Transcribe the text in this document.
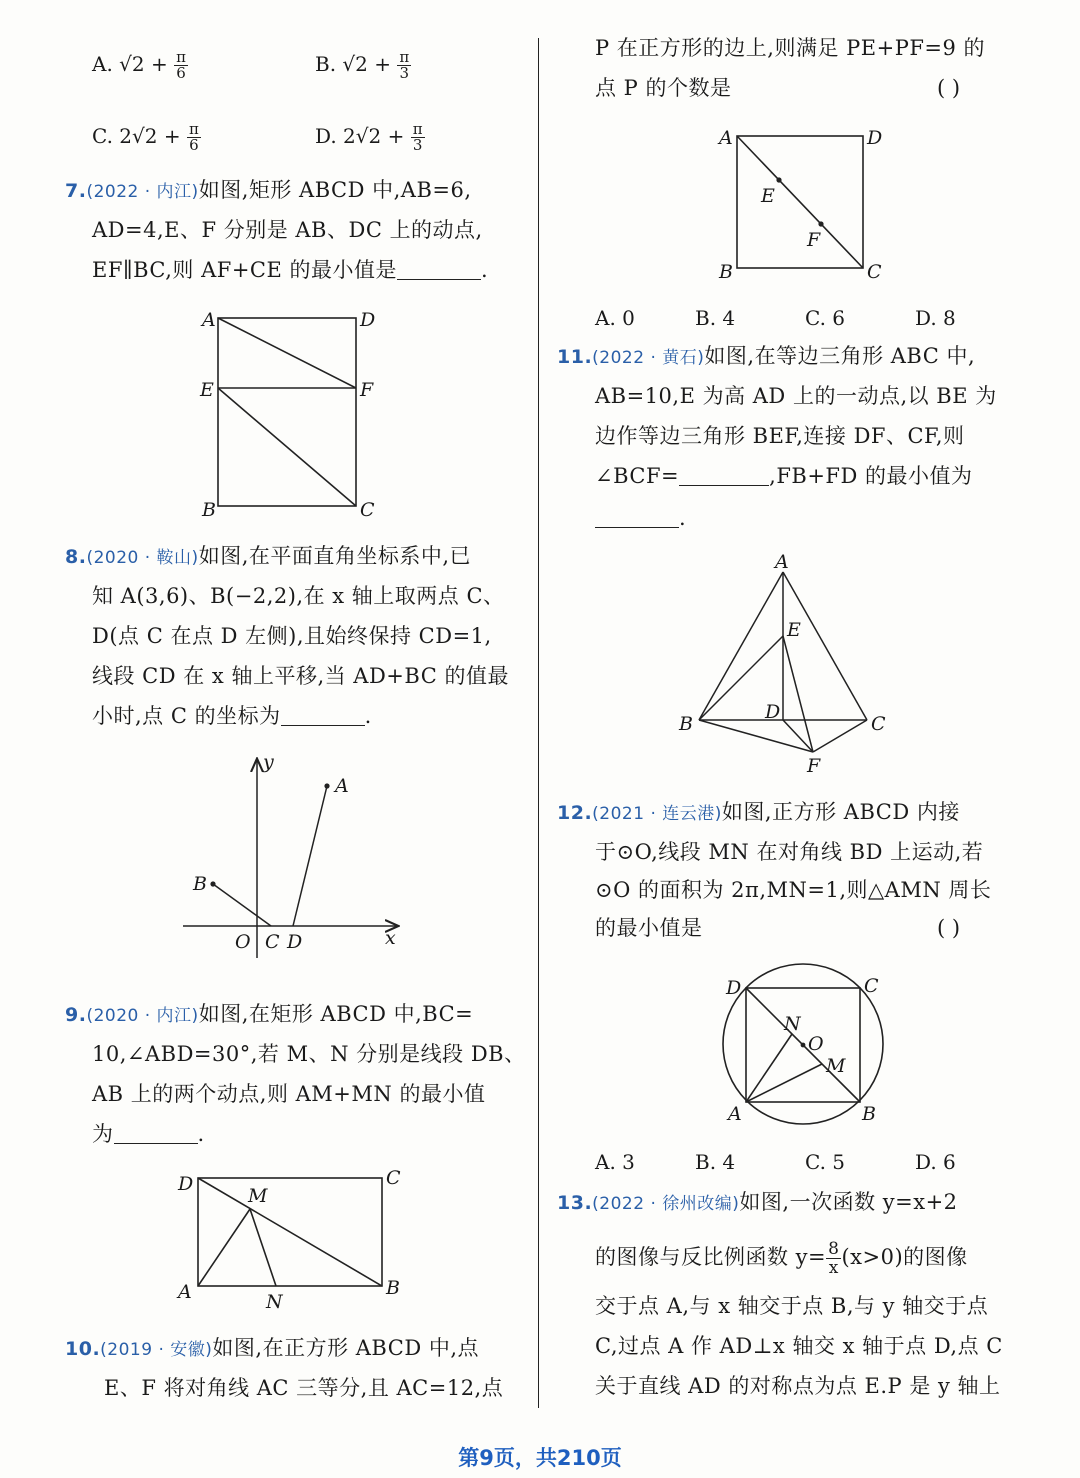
A. $√2 + \frac{\pi}{6}$	B. $√2 + \frac{\pi}{3}$
C. $2√2 + \frac{\pi}{6}$	D. $2√2 + \frac{\pi}{3}$
7.(2022 · 内江)如图,矩形 ABCD 中,AB=6,
AD=4,E、F 分别是 AB、DC 上的动点,
EF∥BC,则 AF+CE 的最小值是	.
A	D
E	F
B	C
8.(2020 · 鞍山)如图,在平面直角坐标系中,已
知 A(3,6)、B(−2,2),在 x 轴上取两点 C、
D(点 C 在点 D 左侧),且始终保持 CD=1,
线段 CD 在 x 轴上平移,当 AD+BC 的值最
小时,点 C 的坐标为	.
y
A
B
O C D	x
9.(2020 · 内江)如图,在矩形 ABCD 中,BC=
10,∠ABD=30°,若 M、N 分别是线段 DB、
AB 上的两个动点,则 AM+MN 的最小值
为	.
D
M
C
A	N
B
10.(2019 · 安徽)如图,在正方形 ABCD 中,点
E、F 将对角线 AC 三等分,且 AC=12,点
P 在正方形的边上,则满足 PE+PF=9 的
点 P 的个数是	( )
A	D
E
F
B	C
A. 0	B. 4	C. 6	D. 8
11.(2022 · 黄石)如图,在等边三角形 ABC 中,
AB=10,E 为高 AD 上的一动点,以 BE 为
边作等边三角形 BEF,连接 DF、CF,则
∠BCF=	,FB+FD 的最小值为
.
A
E
D
B	C
F
12.(2021 · 连云港)如图,正方形 ABCD 内接
于⊙O,线段 MN 在对角线 BD 上运动,若
⊙O 的面积为 2π,MN=1,则△AMN 周长
的最小值是	( )
D	C
N
O
M
A	B
A. 3	B. 4	C. 5	D. 6
13.(2022 · 徐州改编)如图,一次函数 y=x+2
的图像与反比例函数 $y= \frac{8}{x} (x>0)$的图像
交于点 A,与 x 轴交于点 B,与 y 轴交于点
C,过点 A 作 AD⊥x 轴交 x 轴于点 D,点 C
关于直线 AD 的对称点为点 E.P 是 y 轴上
第9页，共210页
